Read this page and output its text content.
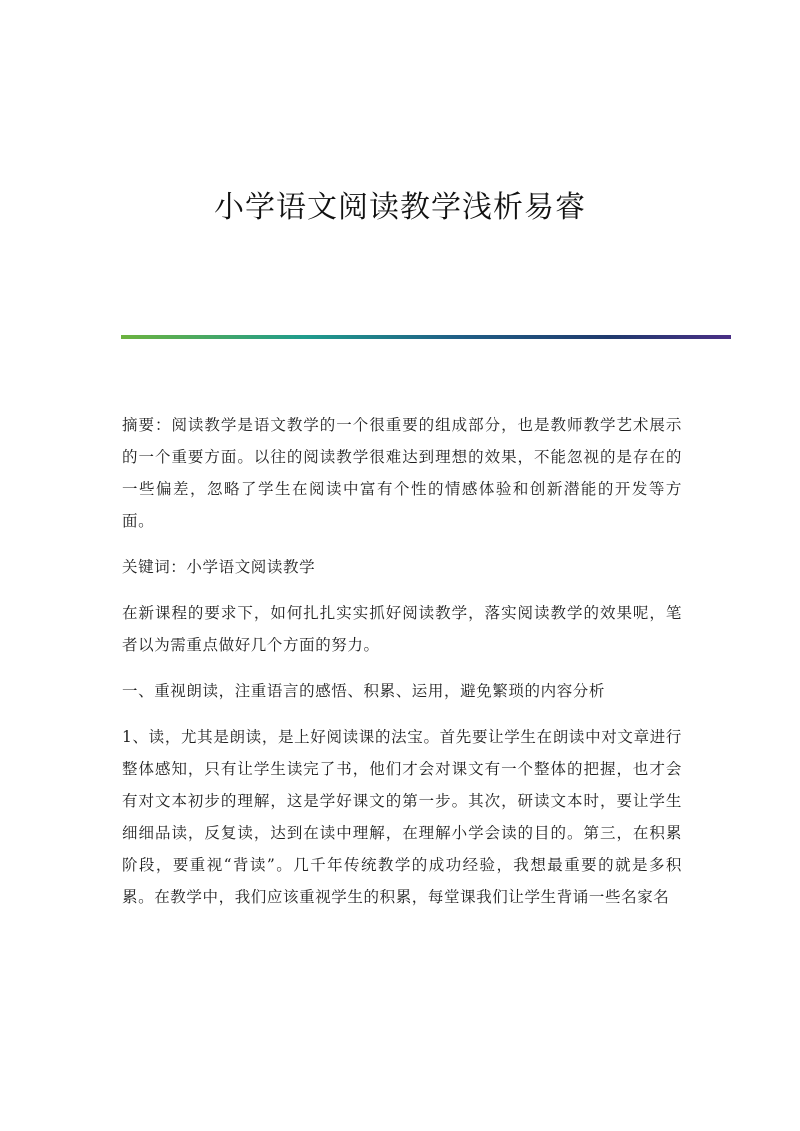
小学语文阅读教学浅析易睿

摘要：阅读教学是语文教学的一个很重要的组成部分，也是教师教学艺术展示的一个重要方面。以往的阅读教学很难达到理想的效果，不能忽视的是存在的一些偏差，忽略了学生在阅读中富有个性的情感体验和创新潜能的开发等方面。

关键词：小学语文阅读教学

在新课程的要求下，如何扎扎实实抓好阅读教学，落实阅读教学的效果呢，笔者以为需重点做好几个方面的努力。

一、重视朗读，注重语言的感悟、积累、运用，避免繁琐的内容分析

1、读，尤其是朗读，是上好阅读课的法宝。首先要让学生在朗读中对文章进行整体感知，只有让学生读完了书，他们才会对课文有一个整体的把握，也才会有对文本初步的理解，这是学好课文的第一步。其次，研读文本时，要让学生细细品读，反复读，达到在读中理解，在理解小学会读的目的。第三，在积累阶段，要重视“背读”。几千年传统教学的成功经验，我想最重要的就是多积累。在教学中，我们应该重视学生的积累，每堂课我们让学生背诵一些名家名
